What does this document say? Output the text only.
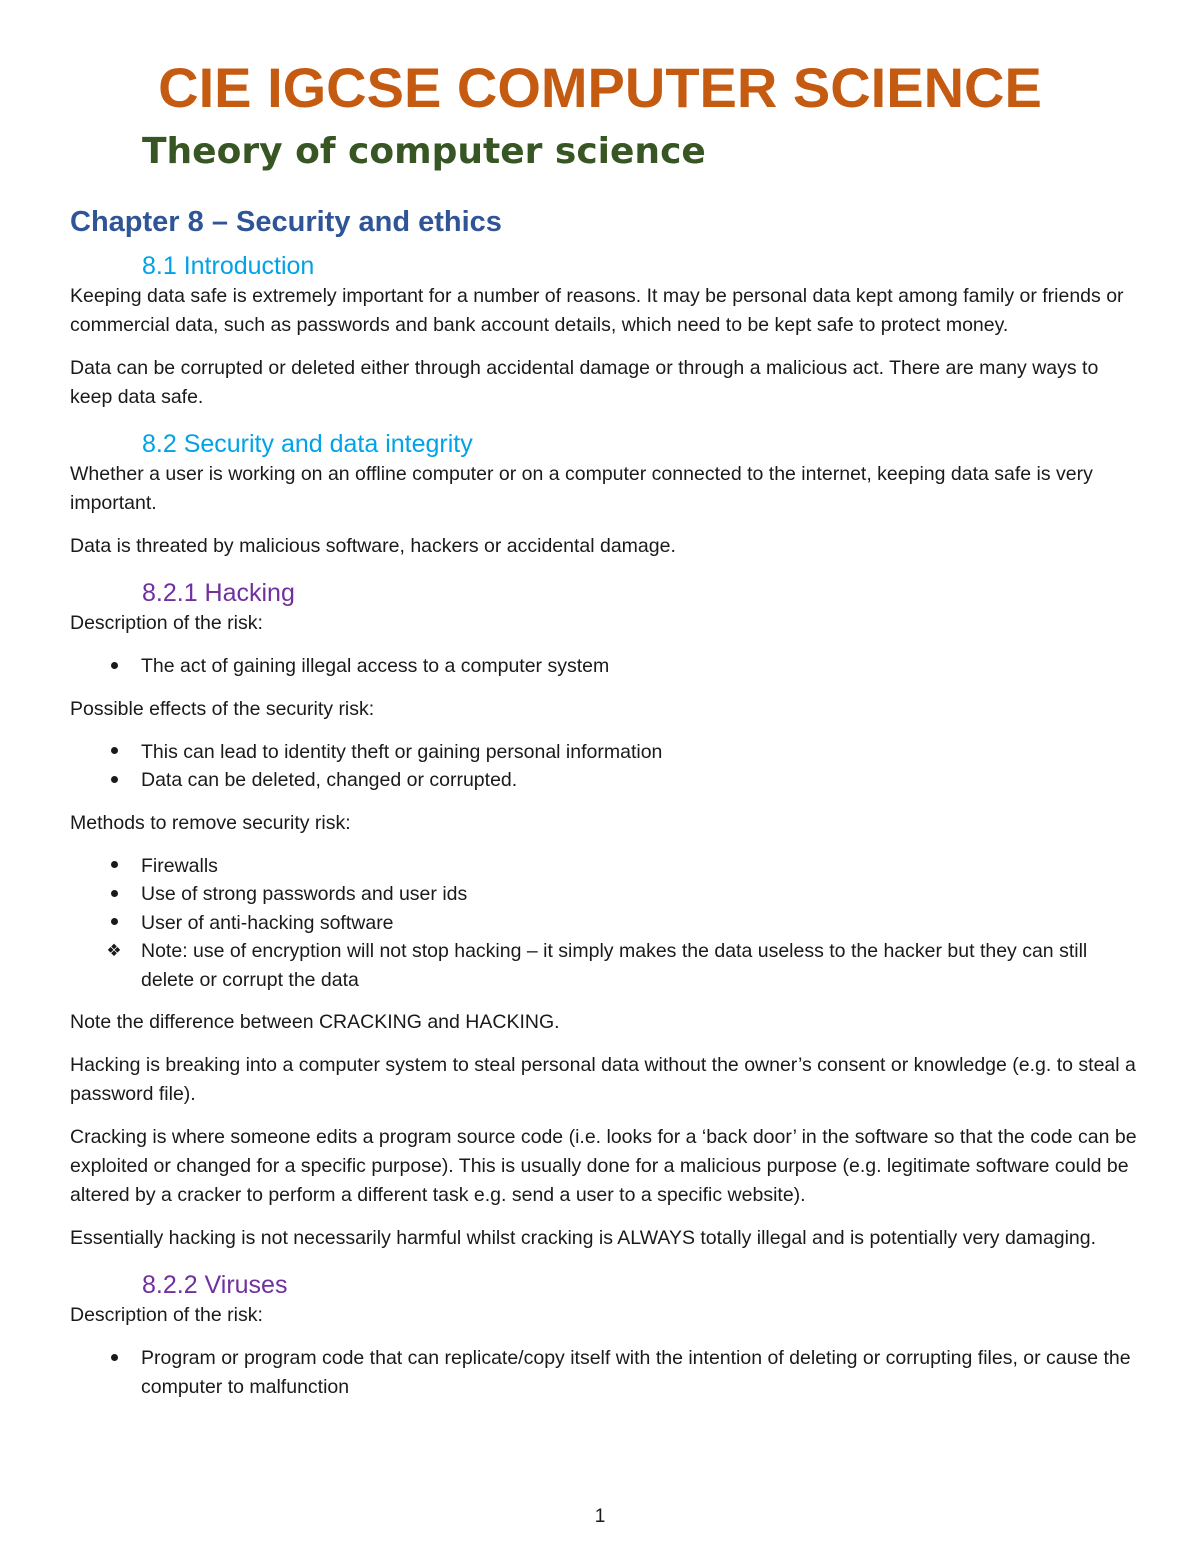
CIE IGCSE COMPUTER SCIENCE
Theory of computer science
Chapter 8 – Security and ethics
8.1 Introduction

Keeping data safe is extremely important for a number of reasons. It may be personal data kept among family or friends or commercial data, such as passwords and bank account details, which need to be kept safe to protect money.

Data can be corrupted or deleted either through accidental damage or through a malicious act. There are many ways to keep data safe.

8.2 Security and data integrity

Whether a user is working on an offline computer or on a computer connected to the internet, keeping data safe is very important.

Data is threated by malicious software, hackers or accidental damage.

8.2.1 Hacking

Description of the risk:

The act of gaining illegal access to a computer system

Possible effects of the security risk:

This can lead to identity theft or gaining personal information
Data can be deleted, changed or corrupted.

Methods to remove security risk:

Firewalls
Use of strong passwords and user ids
User of anti-hacking software
❖ Note: use of encryption will not stop hacking – it simply makes the data useless to the hacker but they can still delete or corrupt the data

Note the difference between CRACKING and HACKING.

Hacking is breaking into a computer system to steal personal data without the owner’s consent or knowledge (e.g. to steal a password file).

Cracking is where someone edits a program source code (i.e. looks for a ‘back door’ in the software so that the code can be exploited or changed for a specific purpose). This is usually done for a malicious purpose (e.g. legitimate software could be altered by a cracker to perform a different task e.g. send a user to a specific website).

Essentially hacking is not necessarily harmful whilst cracking is ALWAYS totally illegal and is potentially very damaging.

8.2.2 Viruses

Description of the risk:

Program or program code that can replicate/copy itself with the intention of deleting or corrupting files, or cause the computer to malfunction
1
